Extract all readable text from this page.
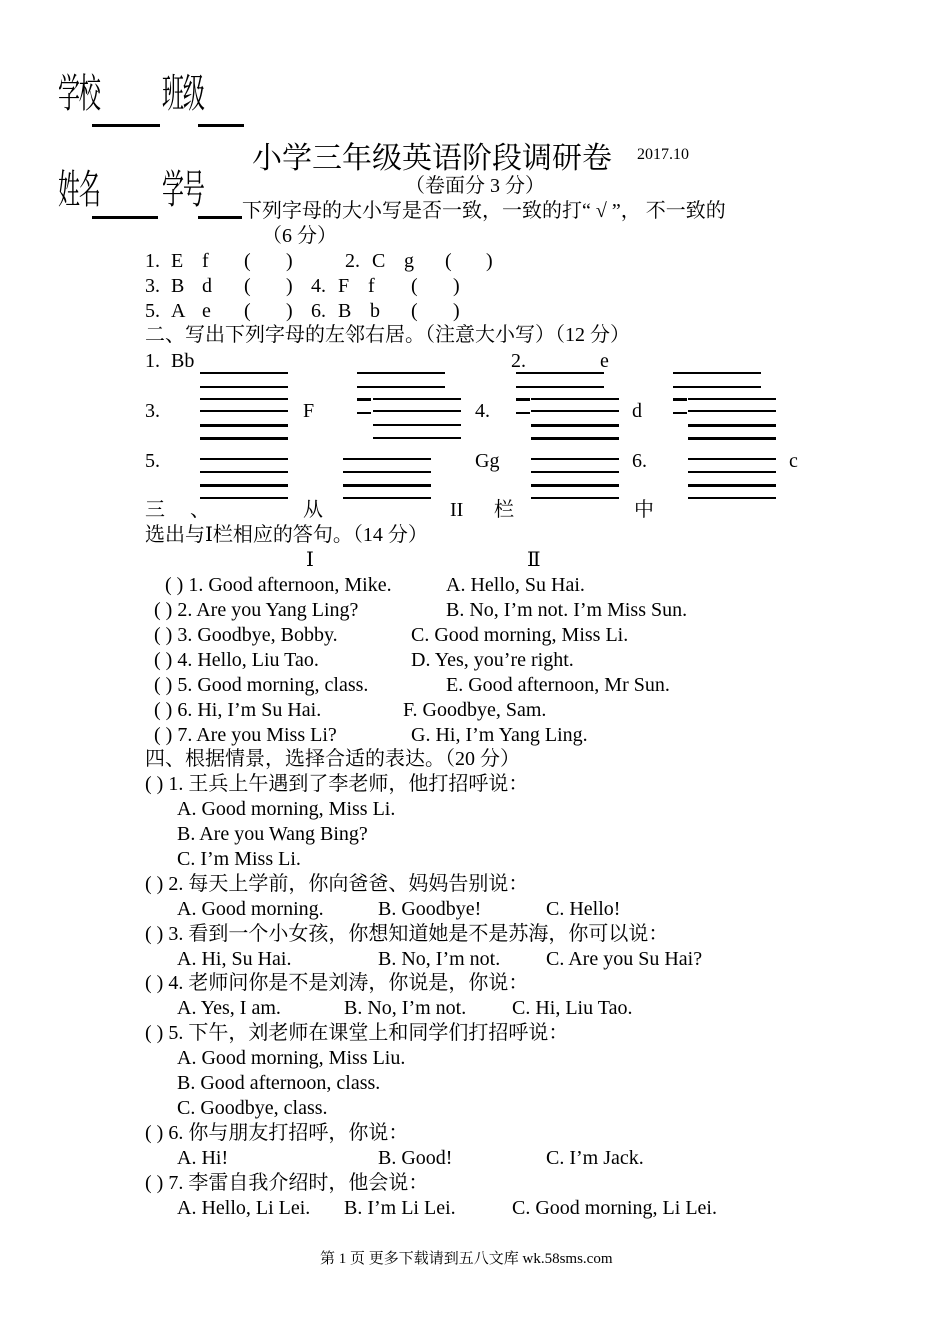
学校 班级
姓名 学号
小学三年级英语阶段调研卷 2017.10
（卷面分 3 分）
下列字母的大小写是否一致，一致的打“ √ ”， 不一致的
（6 分）
1. E f ( )	2. C g ( )
3. B d ( ) 4. F f ( )
5. A e ( ) 6. B b ( )
二、写出下列字母的左邻右居。（注意大小写）（12 分）
1. Bb	2.	e
3.	F	4.	d
5.	Gg	6.	c
三 、	从	II 栏	中
选出与Ⅰ栏相应的答句。（14 分）
Ⅰ	Ⅱ
( ) 1. Good afternoon, Mike.	A. Hello, Su Hai.
( ) 2. Are you Yang Ling?	B. No, I’m not. I’m Miss Sun.
( ) 3. Goodbye, Bobby.	C. Good morning, Miss Li.
( ) 4. Hello, Liu Tao.	D. Yes, you’re right.
( ) 5. Good morning, class.	E. Good afternoon, Mr Sun.
( ) 6. Hi, I’m Su Hai.	F. Goodbye, Sam.
( ) 7. Are you Miss Li?	G. Hi, I’m Yang Ling.
四、根据情景，选择合适的表达。（20 分）
( ) 1. 王兵上午遇到了李老师，他打招呼说：
A. Good morning, Miss Li.
B. Are you Wang Bing?
C. I’m Miss Li.
( ) 2. 每天上学前，你向爸爸、妈妈告别说：
A. Good morning.	B. Goodbye!	C. Hello!
( ) 3. 看到一个小女孩，你想知道她是不是苏海，你可以说：
A. Hi, Su Hai.	B. No, I’m not. C. Are you Su Hai?
( ) 4. 老师问你是不是刘涛，你说是，你说：
A. Yes, I am.	B. No, I’m not. C. Hi, Liu Tao.
( ) 5. 下午，刘老师在课堂上和同学们打招呼说：
A. Good morning, Miss Liu.
B. Good afternoon, class.
C. Goodbye, class.
( ) 6. 你与朋友打招呼，你说：
A. Hi!	B. Good!	C. I’m Jack.
( ) 7. 李雷自我介绍时，他会说：
A. Hello, Li Lei. B. I’m Li Lei.	C. Good morning, Li Lei.
第 1 页 更多下载请到五八文库 wk.58sms.com
